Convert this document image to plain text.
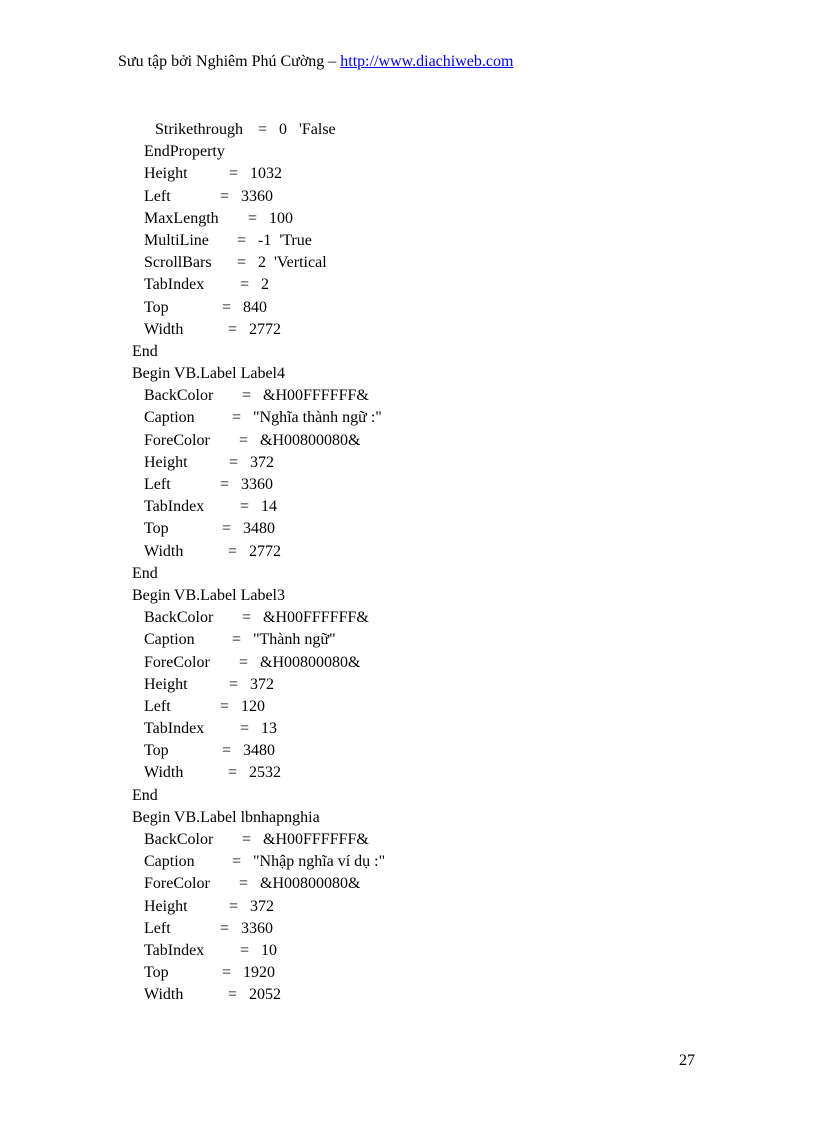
Sưu tập bởi Nghiêm Phú Cường – http://www.diachiweb.com
Strikethrough = 0   'False
EndProperty
Height	= 1032
Left	= 3360
MaxLength = 100
MultiLine = -1  'True
ScrollBars = 2  'Vertical
TabIndex = 2
Top	= 840
Width	= 2772
End
Begin VB.Label Label4
BackColor = &H00FFFFFF&
Caption = "Nghĩa thành ngữ :"
ForeColor = &H00800080&
Height	= 372
Left	= 3360
TabIndex = 14
Top	= 3480
Width	= 2772
End
Begin VB.Label Label3
BackColor = &H00FFFFFF&
Caption = "Thành ngữ"
ForeColor = &H00800080&
Height	= 372
Left	= 120
TabIndex = 13
Top	= 3480
Width	= 2532
End
Begin VB.Label lbnhapnghia
BackColor = &H00FFFFFF&
Caption = "Nhập nghĩa ví dụ :"
ForeColor = &H00800080&
Height	= 372
Left	= 3360
TabIndex = 10
Top	= 1920
Width	= 2052
27
